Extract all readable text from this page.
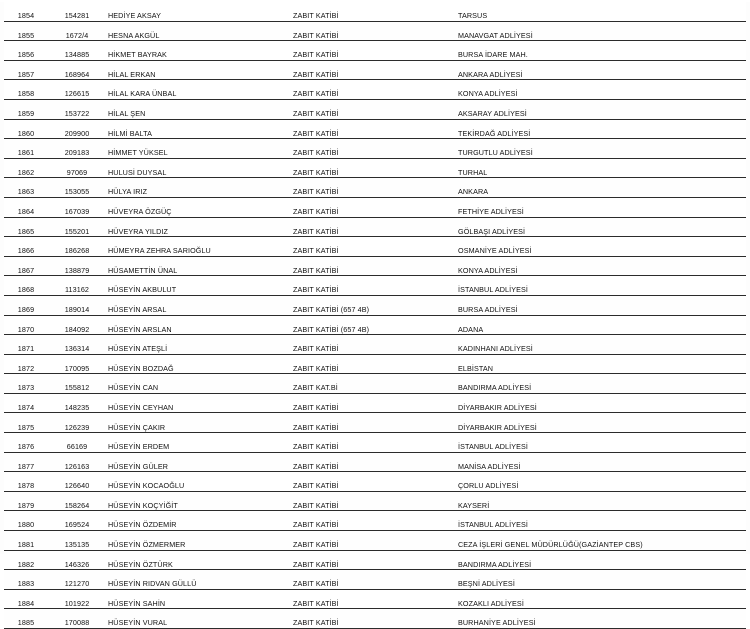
1854	154281	HEDİYE AKSAY	ZABIT KATİBİ	TARSUS
1855	1672/4	HESNA AKGÜL	ZABIT KATİBİ	MANAVGAT ADLİYESİ
1856	134885	HİKMET BAYRAK	ZABIT KATİBİ	BURSA İDARE MAH.
1857	168964	HİLAL ERKAN	ZABIT KATİBİ	ANKARA ADLİYESİ
1858	126615	HİLAL KARA ÜNBAL	ZABIT KATİBİ	KONYA ADLİYESİ
1859	153722	HİLAL ŞEN	ZABIT KATİBİ	AKSARAY ADLİYESİ
1860	209900	HİLMİ BALTA	ZABIT KATİBİ	TEKİRDAĞ ADLİYESİ
1861	209183	HİMMET YÜKSEL	ZABIT KATİBİ	TURGUTLU ADLİYESİ
1862	97069	HULUSİ DUYSAL	ZABIT KATİBİ	TURHAL
1863	153055	HÜLYA IRIZ	ZABIT KATİBİ	ANKARA
1864	167039	HÜVEYRA ÖZGÜÇ	ZABIT KATİBİ	FETHİYE ADLİYESİ
1865	155201	HÜVEYRA YILDIZ	ZABIT KATİBİ	GÖLBAŞI ADLİYESİ
1866	186268	HÜMEYRA ZEHRA SARIOĞLU	ZABIT KATİBİ	OSMANİYE ADLİYESİ
1867	138879	HÜSAMETTİN ÜNAL	ZABIT KATİBİ	KONYA ADLİYESİ
1868	113162	HÜSEYİN AKBULUT	ZABIT KATİBİ	İSTANBUL ADLİYESİ
1869	189014	HÜSEYİN ARSAL	ZABIT KATİBİ (657 4B)	BURSA ADLİYESİ
1870	184092	HÜSEYİN ARSLAN	ZABIT KATİBİ (657 4B)	ADANA
1871	136314	HÜSEYİN ATEŞLİ	ZABIT KATİBİ	KADINHANI ADLİYESİ
1872	170095	HÜSEYİN BOZDAĞ	ZABIT KATİBİ	ELBİSTAN
1873	155812	HÜSEYİN CAN	ZABIT KAT.Bİ	BANDIRMA ADLİYESİ
1874	148235	HÜSEYİN CEYHAN	ZABIT KATİBİ	DİYARBAKIR ADLİYESİ
1875	126239	HÜSEYİN ÇAKIR	ZABIT KATİBİ	DİYARBAKIR ADLİYESİ
1876	66169	HÜSEYİN ERDEM	ZABIT KATİBİ	İSTANBUL ADLİYESİ
1877	126163	HÜSEYİN GÜLER	ZABIT KATİBİ	MANİSA ADLİYESİ
1878	126640	HÜSEYİN KOCAOĞLU	ZABIT KATİBİ	ÇORLU ADLİYESİ
1879	158264	HÜSEYİN KOÇYİĞİT	ZABIT KATİBİ	KAYSERİ
1880	169524	HÜSEYİN ÖZDEMİR	ZABIT KATİBİ	İSTANBUL ADLİYESİ
1881	135135	HÜSEYİN ÖZMERMER	ZABIT KATİBİ	CEZA İŞLERİ GENEL MÜDÜRLÜĞÜ(GAZİANTEP CBS)
1882	146326	HÜSEYİN ÖZTÜRK	ZABIT KATİBİ	BANDIRMA ADLİYESİ
1883	121270	HÜSEYİN RIDVAN GÜLLÜ	ZABIT KATİBİ	BEŞNİ ADLİYESİ
1884	101922	HÜSEYİN SAHİN	ZABIT KATİBİ	KOZAKLI ADLİYESİ
1885	170088	HÜSEYİN VURAL	ZABIT KATİBİ	BURHANİYE ADLİYESİ
